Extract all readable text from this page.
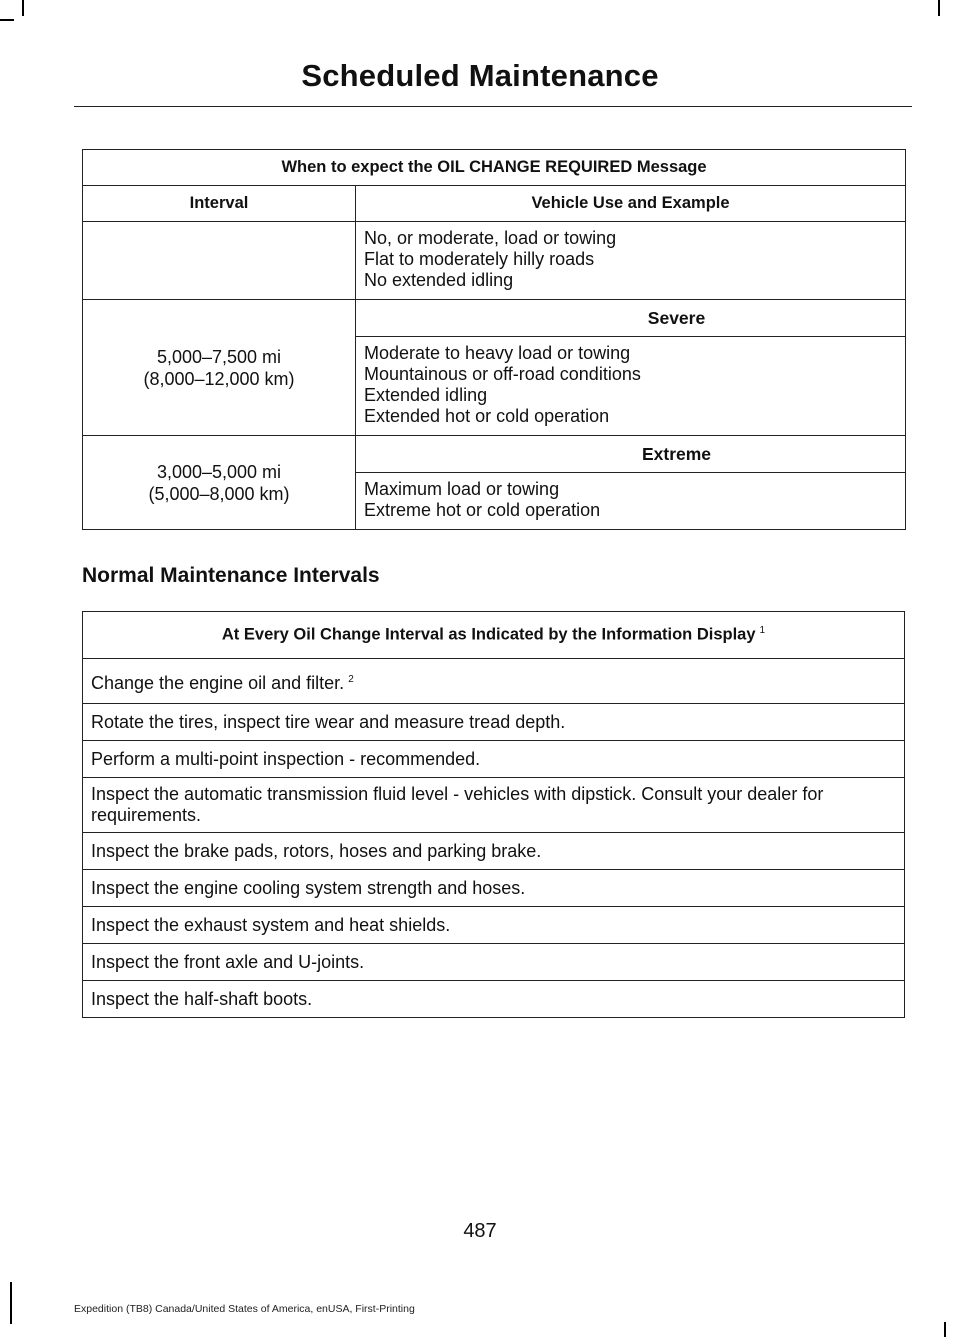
Scheduled Maintenance
When to expect the OIL CHANGE REQUIRED Message	
Interval	Vehicle Use and Example

	No, or moderate, load or towing
Flat to moderately hilly roads
No extended idling

5,000–7,500 mi
(8,000–12,000 km)	Severe

	Moderate to heavy load or towing
Mountainous or off-road conditions
Extended idling
Extended hot or cold operation

3,000–5,000 mi
(5,000–8,000 km)	Extreme

	Maximum load or towing
Extreme hot or cold operation
Normal Maintenance Intervals
At Every Oil Change Interval as Indicated by the Information Display $^1$
Change the engine oil and filter. $^2$
Rotate the tires, inspect tire wear and measure tread depth.
Perform a multi-point inspection - recommended.
Inspect the automatic transmission fluid level - vehicles with dipstick. Consult your dealer for requirements.
Inspect the brake pads, rotors, hoses and parking brake.
Inspect the engine cooling system strength and hoses.
Inspect the exhaust system and heat shields.
Inspect the front axle and U-joints.
Inspect the half-shaft boots.
487
Expedition (TB8) Canada/United States of America, enUSA, First-Printing
